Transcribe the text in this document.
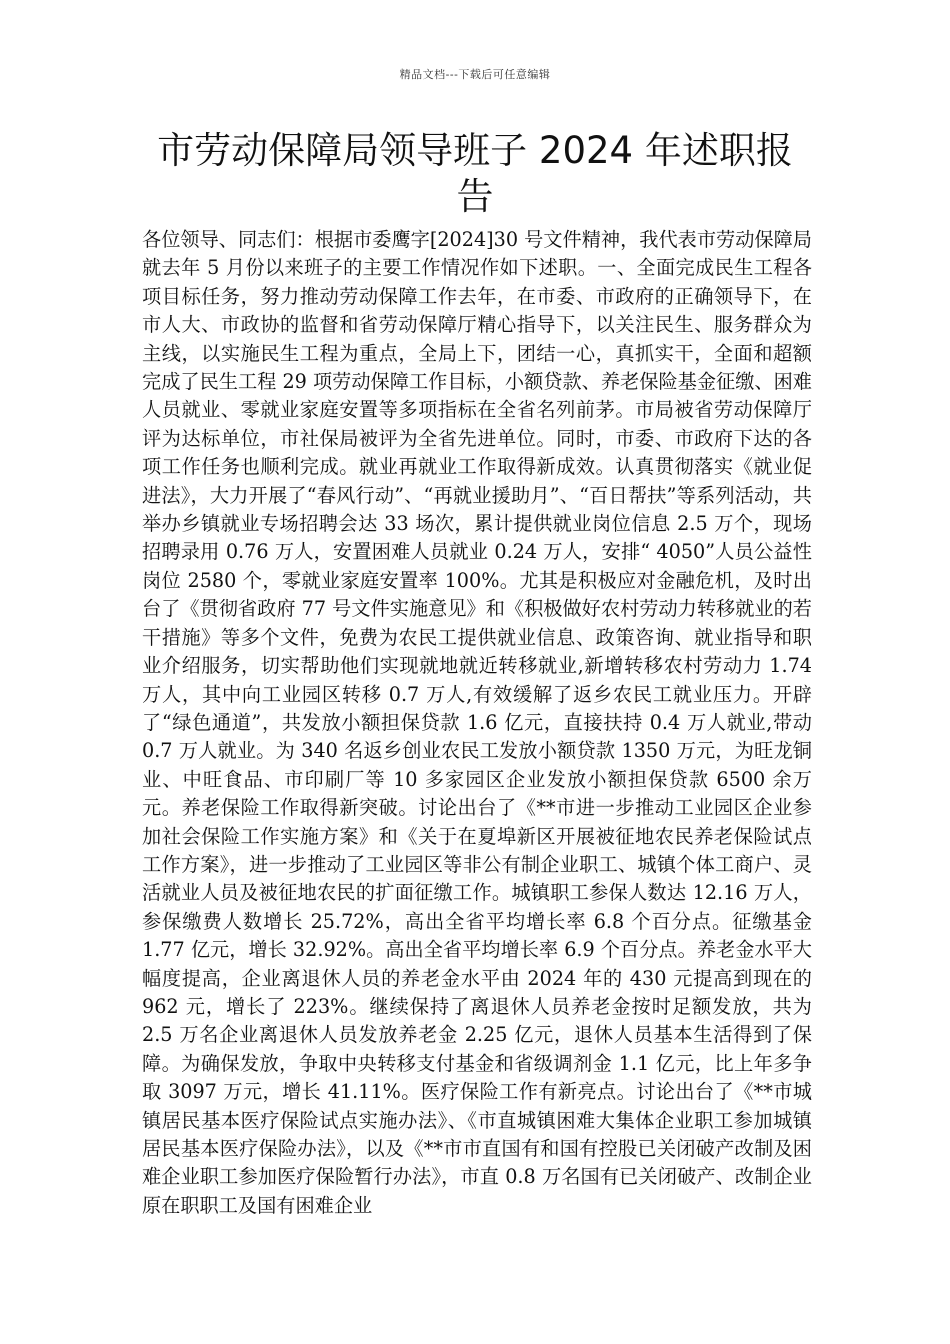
精品文档---下载后可任意编辑
市劳动保障局领导班子 2024 年述职报告

各位领导、同志们：根据市委鹰字[2024]30 号文件精神，我代表市劳动保障局就去年 5 月份以来班子的主要工作情况作如下述职。一、全面完成民生工程各项目标任务，努力推动劳动保障工作去年，在市委、市政府的正确领导下，在市人大、市政协的监督和省劳动保障厅精心指导下，以关注民生、服务群众为主线，以实施民生工程为重点，全局上下，团结一心，真抓实干，全面和超额完成了民生工程 29 项劳动保障工作目标，小额贷款、养老保险基金征缴、困难人员就业、零就业家庭安置等多项指标在全省名列前茅。市局被省劳动保障厅评为达标单位，市社保局被评为全省先进单位。同时，市委、市政府下达的各项工作任务也顺利完成。就业再就业工作取得新成效。认真贯彻落实《就业促进法》，大力开展了“春风行动”、“再就业援助月”、“百日帮扶”等系列活动，共举办乡镇就业专场招聘会达 33 场次，累计提供就业岗位信息 2.5 万个，现场招聘录用 0.76 万人，安置困难人员就业 0.24 万人，安排“ 4050”人员公益性岗位 2580 个，零就业家庭安置率 100%。尤其是积极应对金融危机，及时出台了《贯彻省政府 77 号文件实施意见》和《积极做好农村劳动力转移就业的若干措施》等多个文件，免费为农民工提供就业信息、政策咨询、就业指导和职业介绍服务，切实帮助他们实现就地就近转移就业,新增转移农村劳动力 1.74 万人，其中向工业园区转移 0.7 万人,有效缓解了返乡农民工就业压力。开辟了“绿色通道”，共发放小额担保贷款 1.6 亿元，直接扶持 0.4 万人就业,带动 0.7 万人就业。为 340 名返乡创业农民工发放小额贷款 1350 万元，为旺龙铜业、中旺食品、市印刷厂等 10 多家园区企业发放小额担保贷款 6500 余万元。养老保险工作取得新突破。讨论出台了《**市进一步推动工业园区企业参加社会保险工作实施方案》和《关于在夏埠新区开展被征地农民养老保险试点工作方案》，进一步推动了工业园区等非公有制企业职工、城镇个体工商户、灵活就业人员及被征地农民的扩面征缴工作。城镇职工参保人数达 12.16 万人，参保缴费人数增长 25.72%，高出全省平均增长率 6.8 个百分点。征缴基金 1.77 亿元，增长 32.92%。高出全省平均增长率 6.9 个百分点。养老金水平大幅度提高，企业离退休人员的养老金水平由 2024 年的 430 元提高到现在的 962 元，增长了 223%。继续保持了离退休人员养老金按时足额发放，共为 2.5 万名企业离退休人员发放养老金 2.25 亿元，退休人员基本生活得到了保障。为确保发放，争取中央转移支付基金和省级调剂金 1.1 亿元，比上年多争取 3097 万元，增长 41.11%。医疗保险工作有新亮点。讨论出台了《**市城镇居民基本医疗保险试点实施办法》、《市直城镇困难大集体企业职工参加城镇居民基本医疗保险办法》，以及《**市市直国有和国有控股已关闭破产改制及困难企业职工参加医疗保险暂行办法》，市直 0.8 万名国有已关闭破产、改制企业原在职职工及国有困难企业
